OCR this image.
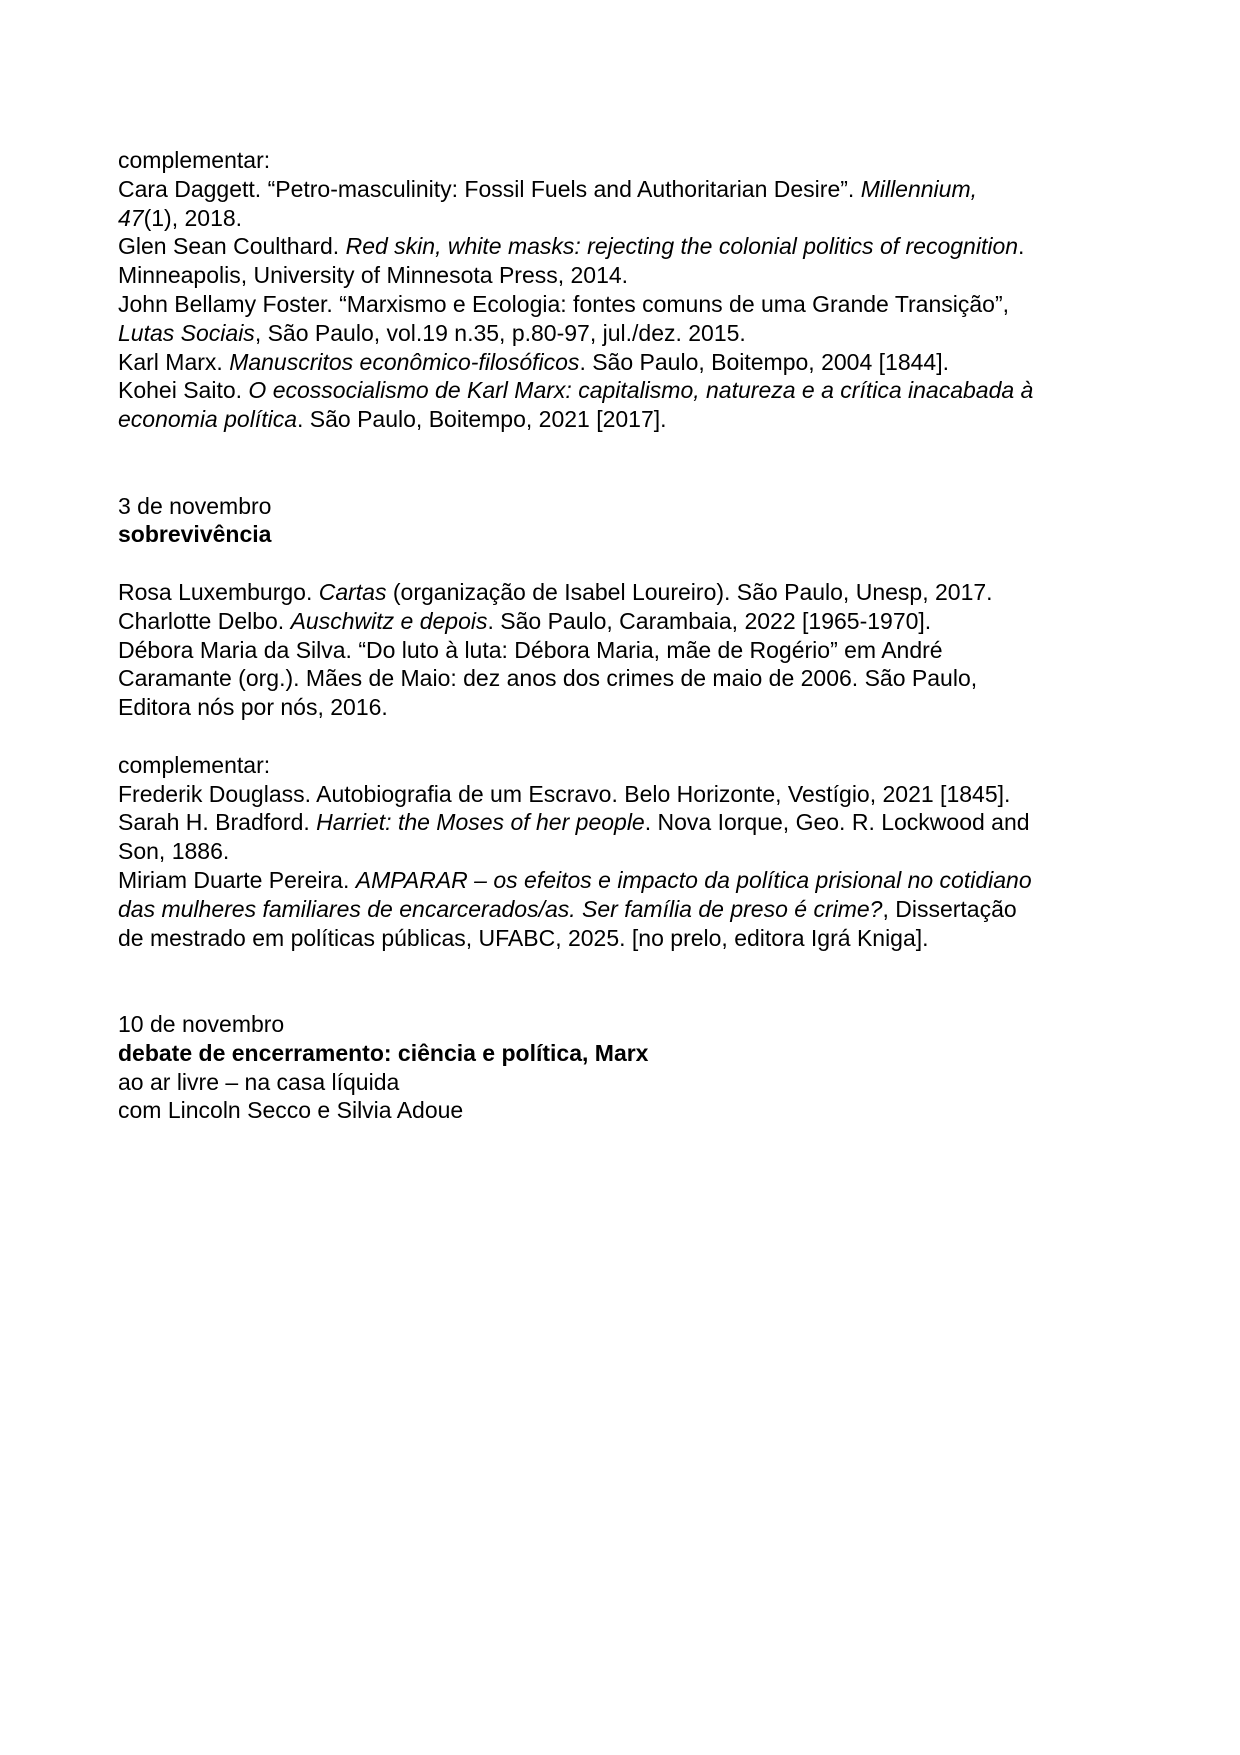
complementar:
Cara Daggett. “Petro-masculinity: Fossil Fuels and Authoritarian Desire”. Millennium,
47(1), 2018.
Glen Sean Coulthard. Red skin, white masks: rejecting the colonial politics of recognition.
Minneapolis, University of Minnesota Press, 2014.
John Bellamy Foster. “Marxismo e Ecologia: fontes comuns de uma Grande Transição”,
Lutas Sociais, São Paulo, vol.19 n.35, p.80-97, jul./dez. 2015.
Karl Marx. Manuscritos econômico-filosóficos. São Paulo, Boitempo, 2004 [1844].
Kohei Saito. O ecossocialismo de Karl Marx: capitalismo, natureza e a crítica inacabada à
economia política. São Paulo, Boitempo, 2021 [2017].
3 de novembro
sobrevivência
Rosa Luxemburgo. Cartas (organização de Isabel Loureiro). São Paulo, Unesp, 2017.
Charlotte Delbo. Auschwitz e depois. São Paulo, Carambaia, 2022 [1965-1970].
Débora Maria da Silva. “Do luto à luta: Débora Maria, mãe de Rogério” em André
Caramante (org.). Mães de Maio: dez anos dos crimes de maio de 2006. São Paulo,
Editora nós por nós, 2016.
complementar:
Frederik Douglass. Autobiografia de um Escravo. Belo Horizonte, Vestígio, 2021 [1845].
Sarah H. Bradford. Harriet: the Moses of her people. Nova Iorque, Geo. R. Lockwood and
Son, 1886.
Miriam Duarte Pereira. AMPARAR – os efeitos e impacto da política prisional no cotidiano
das mulheres familiares de encarcerados/as. Ser família de preso é crime?, Dissertação
de mestrado em políticas públicas, UFABC, 2025. [no prelo, editora Igrá Kniga].
10 de novembro
debate de encerramento: ciência e política, Marx
ao ar livre – na casa líquida
com Lincoln Secco e Silvia Adoue
